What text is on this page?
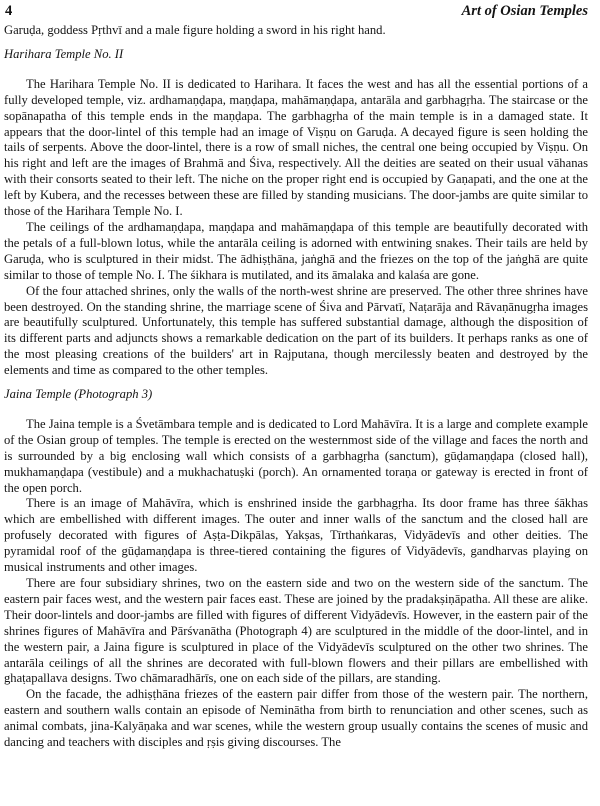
4	Art of Osian Temples

Garuḍa, goddess Pṛthvī and a male figure holding a sword in his right hand.

Harihara Temple No. II

The Harihara Temple No. II is dedicated to Harihara. It faces the west and has all the essential portions of a fully developed temple, viz. ardhamaṇḍapa, maṇḍapa, mahāmaṇḍapa, antarāla and garbhagṛha. The staircase or the sopānapatha of this temple ends in the maṇḍapa. The garbhagṛha of the main temple is in a damaged state. It appears that the door-lintel of this temple had an image of Viṣṇu on Garuḍa. A decayed figure is seen holding the tails of serpents. Above the door-lintel, there is a row of small niches, the central one being occupied by Viṣṇu. On his right and left are the images of Brahmā and Śiva, respectively. All the deities are seated on their usual vāhanas with their consorts seated to their left. The niche on the proper right end is occupied by Gaṇapati, and the one at the left by Kubera, and the recesses between these are filled by standing musicians. The door-jambs are quite similar to those of the Harihara Temple No. I.

The ceilings of the ardhamaṇḍapa, maṇḍapa and mahāmaṇḍapa of this temple are beautifully decorated with the petals of a full-blown lotus, while the antarāla ceiling is adorned with entwining snakes. Their tails are held by Garuḍa, who is sculptured in their midst. The ādhiṣṭhāna, jaṅghā and the friezes on the top of the jaṅghā are quite similar to those of temple No. I. The śikhara is mutilated, and its āmalaka and kalaśa are gone.

Of the four attached shrines, only the walls of the north-west shrine are preserved. The other three shrines have been destroyed. On the standing shrine, the marriage scene of Śiva and Pārvatī, Naṭarāja and Rāvaṇānugṛha images are beautifully sculptured. Unfortunately, this temple has suffered substantial damage, although the disposition of its different parts and adjuncts shows a remarkable dedication on the part of its builders. It perhaps ranks as one of the most pleasing creations of the builders' art in Rajputana, though mercilessly beaten and destroyed by the elements and time as compared to the other temples.

Jaina Temple (Photograph 3)

The Jaina temple is a Śvetāmbara temple and is dedicated to Lord Mahāvīra. It is a large and complete example of the Osian group of temples. The temple is erected on the westernmost side of the village and faces the north and is surrounded by a big enclosing wall which consists of a garbhagṛha (sanctum), gūḍamaṇḍapa (closed hall), mukhamaṇḍapa (vestibule) and a mukhachatuṣki (porch). An ornamented toraṇa or gateway is erected in front of the open porch.

There is an image of Mahāvīra, which is enshrined inside the garbhagṛha. Its door frame has three śākhas which are embellished with different images. The outer and inner walls of the sanctum and the closed hall are profusely decorated with figures of Aṣṭa-Dikpālas, Yakṣas, Tīrthaṅkaras, Vidyādevīs and other deities. The pyramidal roof of the gūḍamaṇḍapa is three-tiered containing the figures of Vidyādevīs, gandharvas playing on musical instruments and other images.

There are four subsidiary shrines, two on the eastern side and two on the western side of the sanctum. The eastern pair faces west, and the western pair faces east. These are joined by the pradakṣiṇāpatha. All these are alike. Their door-lintels and door-jambs are filled with figures of different Vidyādevīs. However, in the eastern pair of the shrines figures of Mahāvīra and Pārśvanātha (Photograph 4) are sculptured in the middle of the door-lintel, and in the western pair, a Jaina figure is sculptured in place of the Vidyādevīs sculptured on the other two shrines. The antarāla ceilings of all the shrines are decorated with full-blown flowers and their pillars are embellished with ghaṭapallava designs. Two chāmaradhārīs, one on each side of the pillars, are standing.

On the facade, the adhiṣṭhāna friezes of the eastern pair differ from those of the western pair. The northern, eastern and southern walls contain an episode of Neminātha from birth to renunciation and other scenes, such as animal combats, jina-Kalyāṇaka and war scenes, while the western group usually contains the scenes of music and dancing and teachers with disciples and ṛṣis giving discourses. The
